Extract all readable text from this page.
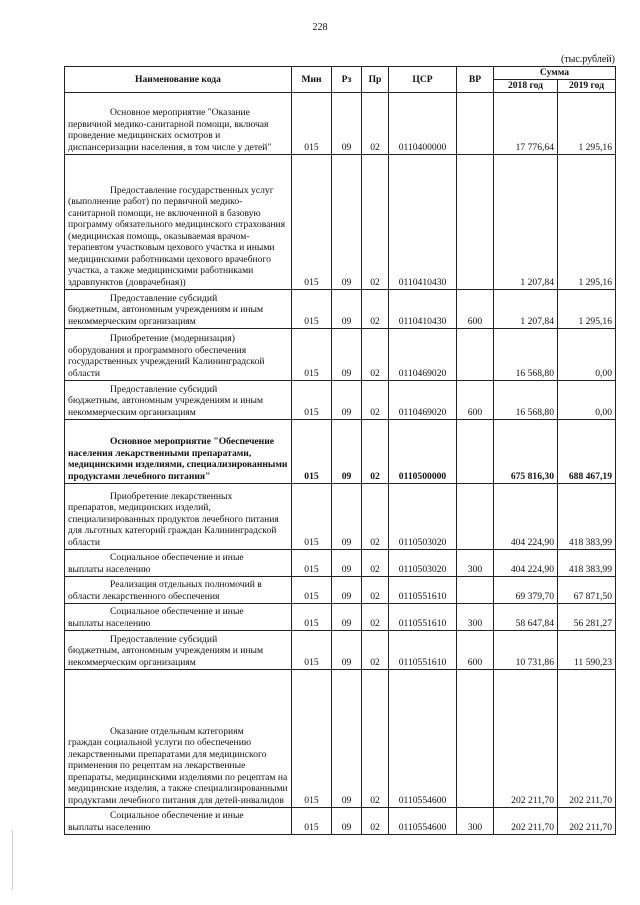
228
(тыс.рублей)
Наименование кода	Мин	Рз	Пр	ЦСР	ВР	Сумма	
						2018 год	2019 год

Основное мероприятие "Оказание
первичной медико-санитарной помощи, включая проведение медицинских осмотров и диспансеризации населения, в том числе у детей"	015	09	02	0110400000		17 776,64	1 295,16

Предоставление государственных услуг
(выполнение работ) по первичной медико-санитарной помощи, не включенной в базовую программу обязательного медицинского страхования (медицинская помощь, оказываемая врачом-терапевтом участковым цехового участка и иными медицинскими работниками цехового врачебного участка, а также медицинскими работниками здравпунктов (доврачебная))	015	09	02	0110410430		1 207,84	1 295,16

Предоставление субсидий
бюджетным, автономным учреждениям и иным некоммерческим организациям	015	09	02	0110410430	600	1 207,84	1 295,16

Приобретение (модернизация)
оборудования и программного обеспечения государственных учреждений Калининградской области	015	09	02	0110469020		16 568,80	0,00

Предоставление субсидий
бюджетным, автономным учреждениям и иным некоммерческим организациям	015	09	02	0110469020	600	16 568,80	0,00

Основное мероприятие "Обеспечение
населения лекарственными препаратами, медицинскими изделиями, специализированными продуктами лечебного питания"	015	09	02	0110500000		675 816,30	688 467,19

Приобретение лекарственных
препаратов, медицинских изделий, специализированных продуктов лечебного питания для льготных категорий граждан Калининградской области	015	09	02	0110503020		404 224,90	418 383,99

Социальное обеспечение и иные
выплаты населению	015	09	02	0110503020	300	404 224,90	418 383,99

Реализация отдельных полномочий в
области лекарственного обеспечения	015	09	02	0110551610		69 379,70	67 871,50

Социальное обеспечение и иные
выплаты населению	015	09	02	0110551610	300	58 647,84	56 281,27

Предоставление субсидий
бюджетным, автономным учреждениям и иным некоммерческим организациям	015	09	02	0110551610	600	10 731,86	11 590,23

Оказание отдельным категориям
граждан социальной услуги по обеспечению лекарственными препаратами для медицинского применения по рецептам на лекарственные препараты, медицинскими изделиями по рецептам на медицинские изделия, а также специализированными продуктами лечебного питания для детей-инвалидов	015	09	02	0110554600		202 211,70	202 211,70

Социальное обеспечение и иные
выплаты населению	015	09	02	0110554600	300	202 211,70	202 211,70
